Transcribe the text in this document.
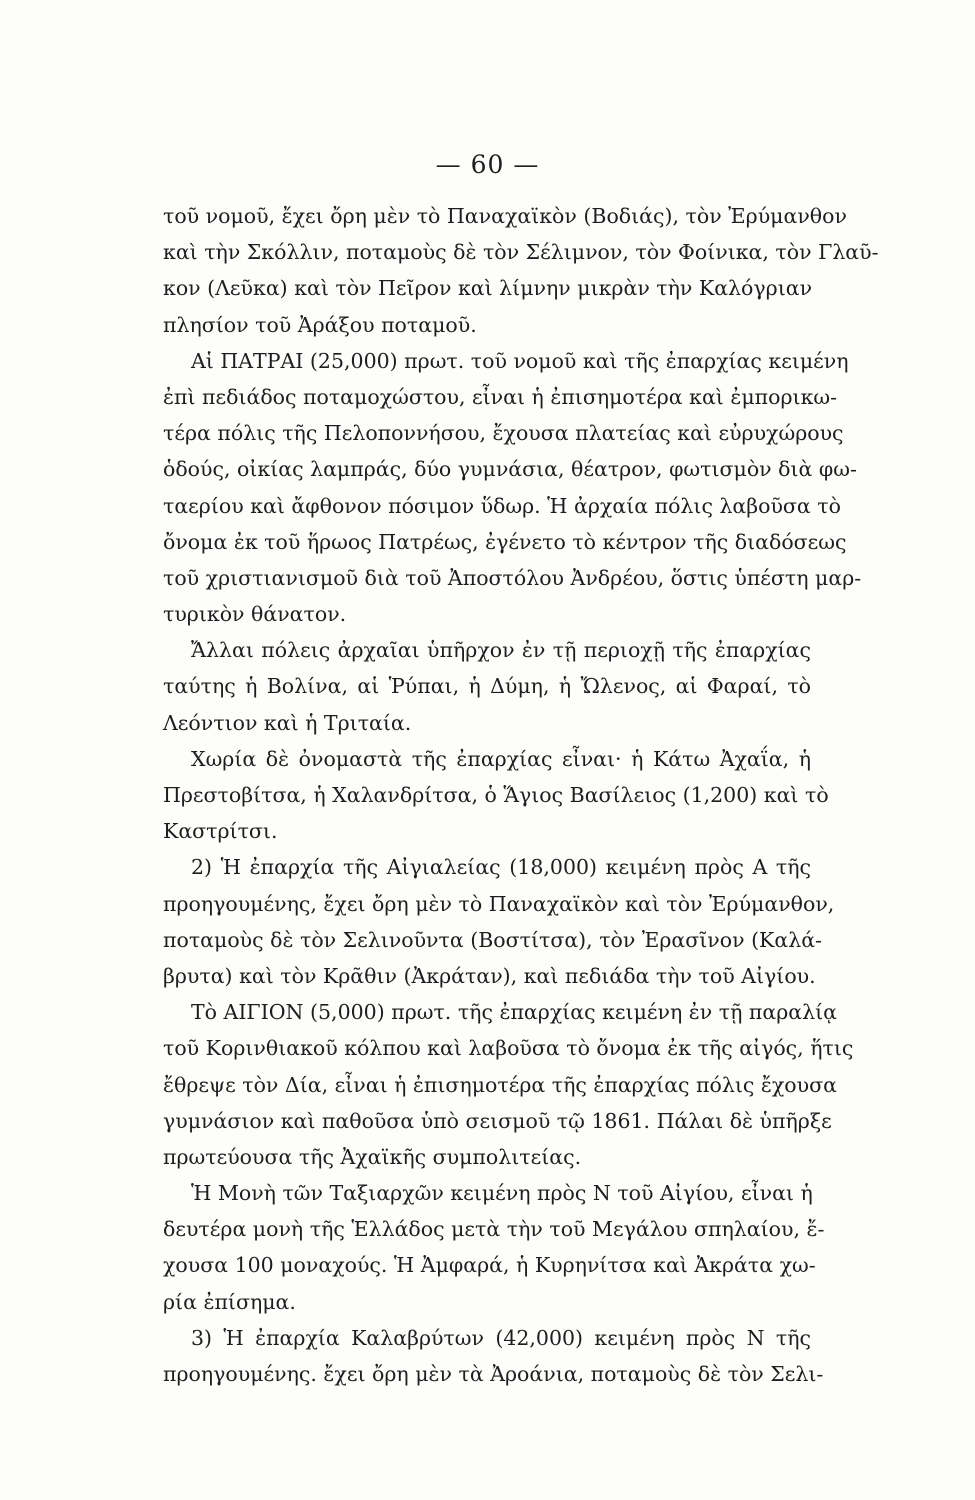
— 60 —
τοῦ νομοῦ, ἔχει ὄρη μὲν τὸ Παναχαϊκὸν (Βοδιάς), τὸν Ἐρύμανθον
καὶ τὴν Σκόλλιν, ποταμοὺς δὲ τὸν Σέλιμνον, τὸν Φοίνικα, τὸν Γλαῦ-
κον (Λεῦκα) καὶ τὸν Πεῖρον καὶ λίμνην μικρὰν τὴν Καλόγριαν
πλησίον τοῦ Ἀράξου ποταμοῦ.
Αἱ ΠΑΤΡΑΙ (25,000) πρωτ. τοῦ νομοῦ καὶ τῆς ἐπαρχίας κειμένη
ἐπὶ πεδιάδος ποταμοχώστου, εἶναι ἡ ἐπισημοτέρα καὶ ἐμπορικω-
τέρα πόλις τῆς Πελοποννήσου, ἔχουσα πλατείας καὶ εὐρυχώρους
ὁδούς, οἰκίας λαμπράς, δύο γυμνάσια, θέατρον, φωτισμὸν διὰ φω-
ταερίου καὶ ἄφθονον πόσιμον ὕδωρ. Ἡ ἀρχαία πόλις λαβοῦσα τὸ
ὄνομα ἐκ τοῦ ἥρωος Πατρέως, ἐγένετο τὸ κέντρον τῆς διαδόσεως
τοῦ χριστιανισμοῦ διὰ τοῦ Ἀποστόλου Ἀνδρέου, ὅστις ὑπέστη μαρ-
τυρικὸν θάνατον.
Ἄλλαι πόλεις ἀρχαῖαι ὑπῆρχον ἐν τῇ περιοχῇ τῆς ἐπαρχίας
ταύτης ἡ Βολίνα, αἱ Ῥύπαι, ἡ Δύμη, ἡ Ὤλενος, αἱ Φαραί, τὸ
Λεόντιον καὶ ἡ Τριταία.
Χωρία δὲ ὀνομαστὰ τῆς ἐπαρχίας εἶναι· ἡ Κάτω Ἀχαΐα, ἡ
Πρεστοβίτσα, ἡ Χαλανδρίτσα, ὁ Ἅγιος Βασίλειος (1,200) καὶ τὸ
Καστρίτσι.
2) Ἡ ἐπαρχία τῆς Αἰγιαλείας (18,000) κειμένη πρὸς Α τῆς
προηγουμένης, ἔχει ὄρη μὲν τὸ Παναχαϊκὸν καὶ τὸν Ἐρύμανθον,
ποταμοὺς δὲ τὸν Σελινοῦντα (Βοστίτσα), τὸν Ἐρασῖνον (Καλά-
βρυτα) καὶ τὸν Κρᾶθιν (Ἀκράταν), καὶ πεδιάδα τὴν τοῦ Αἰγίου.
Τὸ ΑΙΓΙΟΝ (5,000) πρωτ. τῆς ἐπαρχίας κειμένη ἐν τῇ παραλίᾳ
τοῦ Κορινθιακοῦ κόλπου καὶ λαβοῦσα τὸ ὄνομα ἐκ τῆς αἰγός, ἥτις
ἔθρεψε τὸν Δία, εἶναι ἡ ἐπισημοτέρα τῆς ἐπαρχίας πόλις ἔχουσα
γυμνάσιον καὶ παθοῦσα ὑπὸ σεισμοῦ τῷ 1861. Πάλαι δὲ ὑπῆρξε
πρωτεύουσα τῆς Ἀχαϊκῆς συμπολιτείας.
Ἡ Μονὴ τῶν Ταξιαρχῶν κειμένη πρὸς Ν τοῦ Αἰγίου, εἶναι ἡ
δευτέρα μονὴ τῆς Ἑλλάδος μετὰ τὴν τοῦ Μεγάλου σπηλαίου, ἔ-
χουσα 100 μοναχούς. Ἡ Ἀμφαρά, ἡ Κυρηνίτσα καὶ Ἀκράτα χω-
ρία ἐπίσημα.
3) Ἡ ἐπαρχία Καλαβρύτων (42,000) κειμένη πρὸς Ν τῆς
προηγουμένης. ἔχει ὄρη μὲν τὰ Ἀροάνια, ποταμοὺς δὲ τὸν Σελι-
